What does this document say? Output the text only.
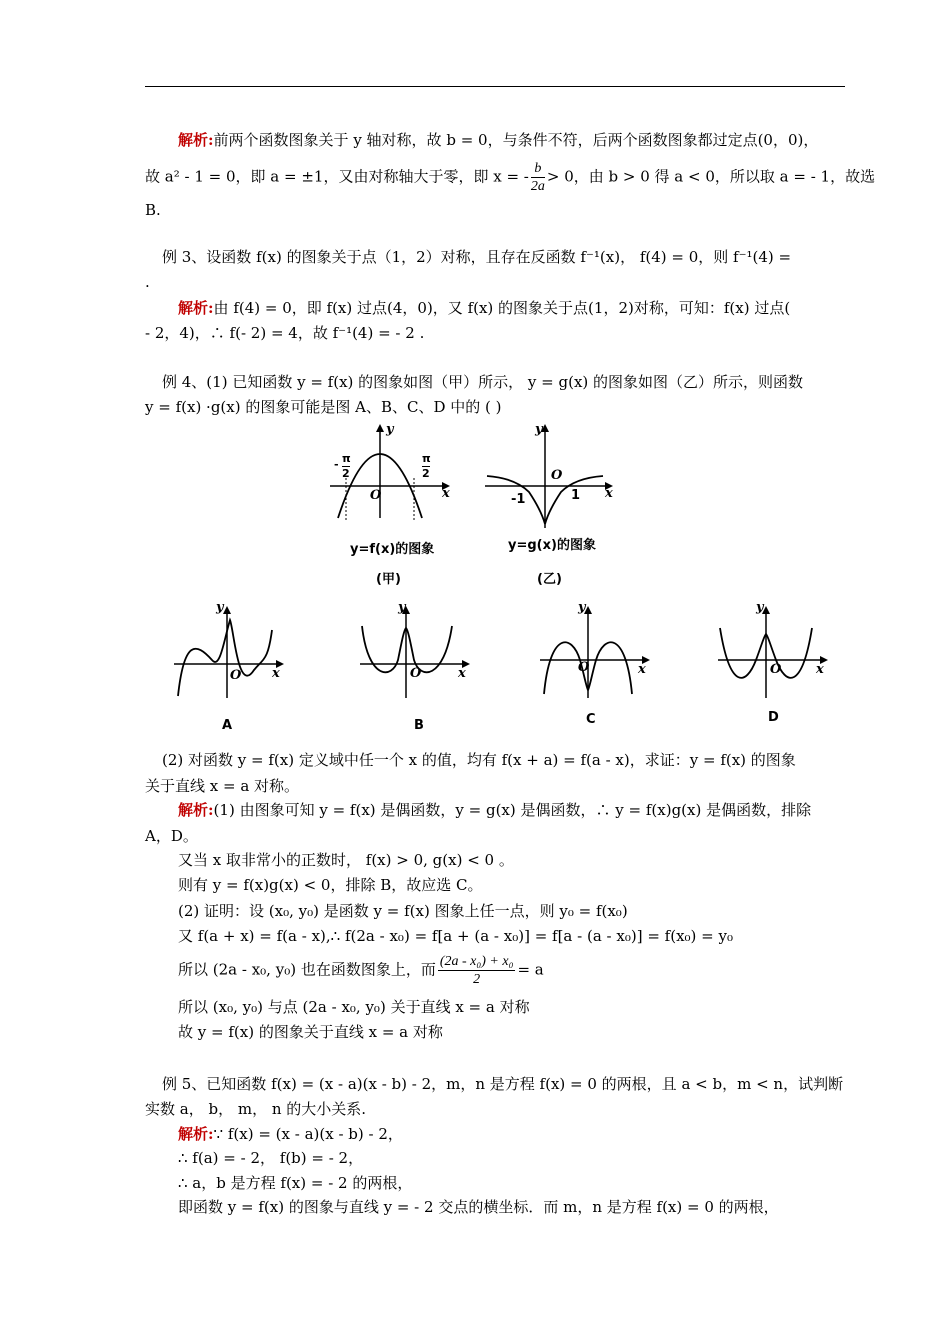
解析:前两个函数图象关于 y 轴对称，故 b = 0，与条件不符，后两个函数图象都过定点(0，0)，
故 a² - 1 = 0，即 a = ±1，又由对称轴大于零，即 x = - $\frac{b}{2a} > 0$，由 b > 0 得 a < 0，所以取 a = - 1，故选
B.
例 3、设函数 f(x) 的图象关于点（1，2）对称，且存在反函数 f⁻¹(x)， f(4) = 0，则 f⁻¹(4) =
.
解析:由 f(4) = 0，即 f(x) 过点(4，0)，又 f(x) 的图象关于点(1，2)对称，可知：f(x) 过点(
- 2，4)，∴ f(- 2) = 4，故 f⁻¹(4) = - 2 .
例 4、(1) 已知函数 y = f(x) 的图象如图（甲）所示， y = g(x) 的图象如图（乙）所示，则函数
y = f(x) ·g(x) 的图象可能是图 A、B、C、D 中的 ( )
y
x
O
- π
2
π
2
y=f(x)的图象
(甲)
y
x
O
-1	1
y=g(x)的图象
(乙)
y
x
O
A
y
x
O
B
y
x
O
C
y
x
O
D
(2) 对函数 y = f(x) 定义域中任一个 x 的值，均有 f(x + a) = f(a - x)，求证：y = f(x) 的图象
关于直线 x = a 对称。
解析:(1) 由图象可知 y = f(x) 是偶函数，y = g(x) 是偶函数，∴ y = f(x)g(x) 是偶函数，排除
A，D。
又当 x 取非常小的正数时， f(x) > 0, g(x) < 0 。
则有 y = f(x)g(x) < 0，排除 B，故应选 C。
(2) 证明：设 (x₀, y₀) 是函数 y = f(x) 图象上任一点，则 y₀ = f(x₀)
又 f(a + x) = f(a - x),∴ f(2a - x₀) = f[a + (a - x₀)] = f[a - (a - x₀)] = f(x₀) = y₀
所以 (2a - x₀, y₀) 也在函数图象上，而 $\frac{\text{(2a - x₀) + x₀}}{2} = a$
所以 (x₀, y₀) 与点 (2a - x₀, y₀) 关于直线 x = a 对称
故 y = f(x) 的图象关于直线 x = a 对称
例 5、已知函数 f(x) = (x - a)(x - b) - 2，m，n 是方程 f(x) = 0 的两根，且 a < b，m < n，试判断
实数 a， b， m， n 的大小关系.
解析:∵ f(x) = (x - a)(x - b) - 2，
∴ f(a) = - 2， f(b) = - 2，
∴ a，b 是方程 f(x) = - 2 的两根，
即函数 y = f(x) 的图象与直线 y = - 2 交点的横坐标．而 m，n 是方程 f(x) = 0 的两根，
